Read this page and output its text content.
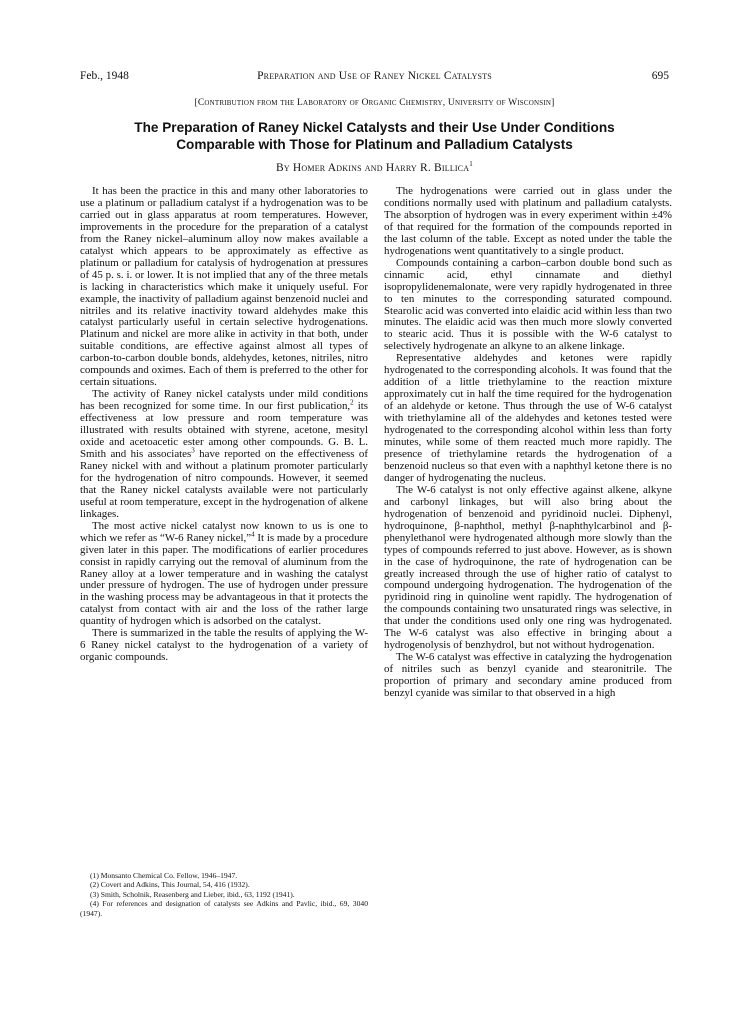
Feb., 1948	Preparation and Use of Raney Nickel Catalysts	695
[Contribution from the Laboratory of Organic Chemistry, University of Wisconsin]
The Preparation of Raney Nickel Catalysts and their Use Under Conditions
Comparable with Those for Platinum and Palladium Catalysts
By Homer Adkins and Harry R. Billica$^1$

It has been the practice in this and many other laboratories to use a platinum or palladium catalyst if a hydrogenation was to be carried out in glass apparatus at room temperatures. However, improvements in the procedure for the preparation of a catalyst from the Raney nickel–aluminum alloy now makes available a catalyst which appears to be approximately as effective as platinum or palladium for catalysis of hydrogenation at pressures of 45 p. s. i. or lower. It is not implied that any of the three metals is lacking in characteristics which make it uniquely useful. For example, the inactivity of palladium against benzenoid nuclei and nitriles and its relative inactivity toward aldehydes make this catalyst particularly useful in certain selective hydrogenations. Platinum and nickel are more alike in activity in that both, under suitable conditions, are effective against almost all types of carbon-to-carbon double bonds, aldehydes, ketones, nitriles, nitro compounds and oximes. Each of them is preferred to the other for certain situations.

The activity of Raney nickel catalysts under mild conditions has been recognized for some time. In our first publication,$^2$ its effectiveness at low pressure and room temperature was illustrated with results obtained with styrene, acetone, mesityl oxide and acetoacetic ester among other compounds. G. B. L. Smith and his associates$^3$ have reported on the effectiveness of Raney nickel with and without a platinum promoter particularly for the hydrogenation of nitro compounds. However, it seemed that the Raney nickel catalysts available were not particularly useful at room temperature, except in the hydrogenation of alkene linkages.

The most active nickel catalyst now known to us is one to which we refer as “W-6 Raney nickel,”$^4$ It is made by a procedure given later in this paper. The modifications of earlier procedures consist in rapidly carrying out the removal of aluminum from the Raney alloy at a lower temperature and in washing the catalyst under pressure of hydrogen. The use of hydrogen under pressure in the washing process may be advantageous in that it protects the catalyst from contact with air and the loss of the rather large quantity of hydrogen which is adsorbed on the catalyst.

There is summarized in the table the results of applying the W-6 Raney nickel catalyst to the hydrogenation of a variety of organic compounds.

(1) Monsanto Chemical Co. Fellow, 1946–1947.

(2) Covert and Adkins, This Journal, 54, 416 (1932).

(3) Smith, Scholnik, Reasenberg and Lieber, ibid., 63, 1192 (1941).

(4) For references and designation of catalysts see Adkins and Pavlic, ibid., 69, 3040 (1947).

The hydrogenations were carried out in glass under the conditions normally used with platinum and palladium catalysts. The absorption of hydrogen was in every experiment within ±4% of that required for the formation of the compounds reported in the last column of the table. Except as noted under the table the hydrogenations went quantitatively to a single product.

Compounds containing a carbon–carbon double bond such as cinnamic acid, ethyl cinnamate and diethyl isopropylidenemalonate, were very rapidly hydrogenated in three to ten minutes to the corresponding saturated compound. Stearolic acid was converted into elaidic acid within less than two minutes. The elaidic acid was then much more slowly converted to stearic acid. Thus it is possible with the W-6 catalyst to selectively hydrogenate an alkyne to an alkene linkage.

Representative aldehydes and ketones were rapidly hydrogenated to the corresponding alcohols. It was found that the addition of a little triethylamine to the reaction mixture approximately cut in half the time required for the hydrogenation of an aldehyde or ketone. Thus through the use of W-6 catalyst with triethylamine all of the aldehydes and ketones tested were hydrogenated to the corresponding alcohol within less than forty minutes, while some of them reacted much more rapidly. The presence of triethylamine retards the hydrogenation of a benzenoid nucleus so that even with a naphthyl ketone there is no danger of hydrogenating the nucleus.

The W-6 catalyst is not only effective against alkene, alkyne and carbonyl linkages, but will also bring about the hydrogenation of benzenoid and pyridinoid nuclei. Diphenyl, hydroquinone, β-naphthol, methyl β-naphthylcarbinol and β-phenylethanol were hydrogenated although more slowly than the types of compounds referred to just above. However, as is shown in the case of hydroquinone, the rate of hydrogenation can be greatly increased through the use of higher ratio of catalyst to compound undergoing hydrogenation. The hydrogenation of the pyridinoid ring in quinoline went rapidly. The hydrogenation of the compounds containing two unsaturated rings was selective, in that under the conditions used only one ring was hydrogenated. The W-6 catalyst was also effective in bringing about a hydrogenolysis of benzhydrol, but not without hydrogenation.

The W-6 catalyst was effective in catalyzing the hydrogenation of nitriles such as benzyl cyanide and stearonitrile. The proportion of primary and secondary amine produced from benzyl cyanide was similar to that observed in a high
